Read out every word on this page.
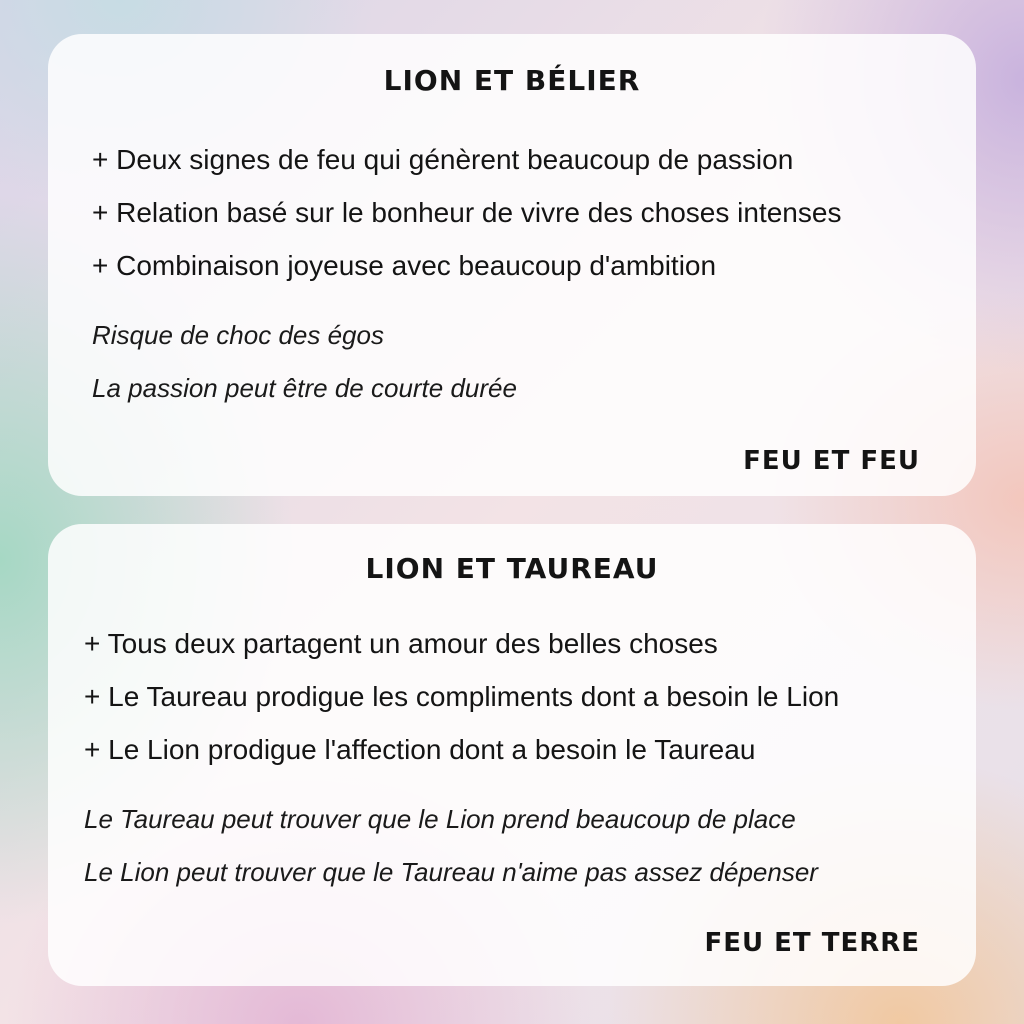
LION ET BÉLIER
+ Deux signes de feu qui génèrent beaucoup de passion
+ Relation basé sur le bonheur de vivre des choses intenses
+ Combinaison joyeuse avec beaucoup d'ambition
Risque de choc des égos
La passion peut être de courte durée
FEU ET FEU
LION ET TAUREAU
+ Tous deux partagent un amour des belles choses
+ Le Taureau prodigue les compliments dont a besoin le Lion
+ Le Lion prodigue l'affection dont a besoin le Taureau
Le Taureau peut trouver que le Lion prend beaucoup de place
Le Lion peut trouver que le Taureau n'aime pas assez dépenser
FEU ET TERRE
